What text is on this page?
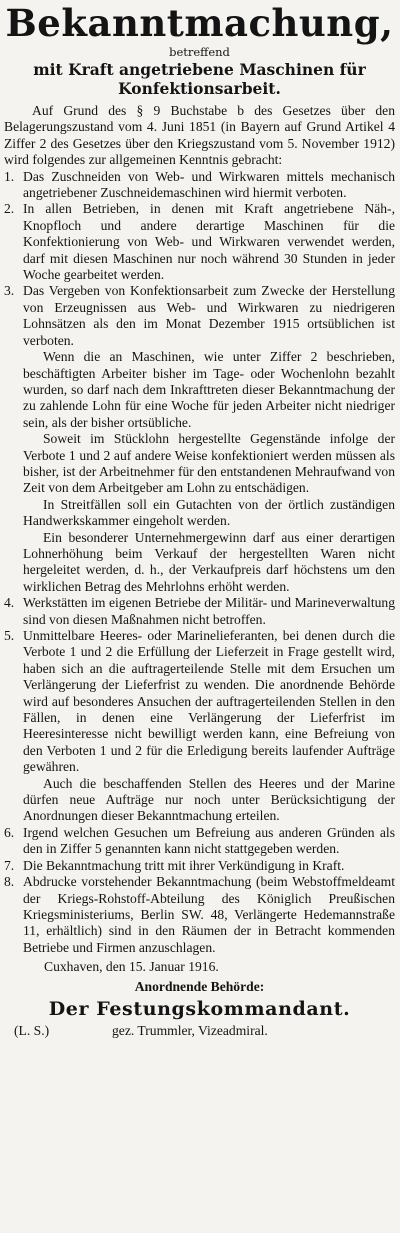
Bekanntmachung,
betreffend
mit Kraft angetriebene Maschinen für Konfektionsarbeit.

Auf Grund des § 9 Buchstabe b des Gesetzes über den Belagerungszustand vom 4. Juni 1851 (in Bayern auf Grund Artikel 4 Ziffer 2 des Gesetzes über den Kriegszustand vom 5. November 1912) wird folgendes zur allgemeinen Kenntnis gebracht:

1. Das Zuschneiden von Web- und Wirkwaren mittels mechanisch angetriebener Zuschneidemaschinen wird hiermit verboten.

2. In allen Betrieben, in denen mit Kraft angetriebene Näh-, Knopfloch und andere derartige Maschinen für die Konfektionierung von Web- und Wirkwaren verwendet werden, darf mit diesen Maschinen nur noch während 30 Stunden in jeder Woche gearbeitet werden.

3. Das Vergeben von Konfektionsarbeit zum Zwecke der Herstellung von Erzeugnissen aus Web- und Wirkwaren zu niedrigeren Lohnsätzen als den im Monat Dezember 1915 ortsüblichen ist verboten.

Wenn die an Maschinen, wie unter Ziffer 2 beschrieben, beschäftigten Arbeiter bisher im Tage- oder Wochenlohn bezahlt wurden, so darf nach dem Inkrafttreten dieser Bekanntmachung der zu zahlende Lohn für eine Woche für jeden Arbeiter nicht niedriger sein, als der bisher ortsübliche.

Soweit im Stücklohn hergestellte Gegenstände infolge der Verbote 1 und 2 auf andere Weise konfektioniert werden müssen als bisher, ist der Arbeitnehmer für den entstandenen Mehraufwand von Zeit von dem Arbeitgeber am Lohn zu entschädigen.

In Streitfällen soll ein Gutachten von der örtlich zuständigen Handwerkskammer eingeholt werden.

Ein besonderer Unternehmergewinn darf aus einer derartigen Lohnerhöhung beim Verkauf der hergestellten Waren nicht hergeleitet werden, d. h., der Verkaufpreis darf höchstens um den wirklichen Betrag des Mehrlohns erhöht werden.

4. Werkstätten im eigenen Betriebe der Militär- und Marineverwaltung sind von diesen Maßnahmen nicht betroffen.

5. Unmittelbare Heeres- oder Marinelieferanten, bei denen durch die Verbote 1 und 2 die Erfüllung der Lieferzeit in Frage gestellt wird, haben sich an die auftragerteilende Stelle mit dem Ersuchen um Verlängerung der Lieferfrist zu wenden. Die anordnende Behörde wird auf besonderes Ansuchen der auftragerteilenden Stellen in den Fällen, in denen eine Verlängerung der Lieferfrist im Heeresinteresse nicht bewilligt werden kann, eine Befreiung von den Verboten 1 und 2 für die Erledigung bereits laufender Aufträge gewähren.

Auch die beschaffenden Stellen des Heeres und der Marine dürfen neue Aufträge nur noch unter Berücksichtigung der Anordnungen dieser Bekanntmachung erteilen.

6. Irgend welchen Gesuchen um Befreiung aus anderen Gründen als den in Ziffer 5 genannten kann nicht stattgegeben werden.

7. Die Bekanntmachung tritt mit ihrer Verkündigung in Kraft.

8. Abdrucke vorstehender Bekanntmachung (beim Webstoffmeldeamt der Kriegs-Rohstoff-Abteilung des Königlich Preußischen Kriegsministeriums, Berlin SW. 48, Verlängerte Hedemannstraße 11, erhältlich) sind in den Räumen der in Betracht kommenden Betriebe und Firmen anzuschlagen.

Cuxhaven, den 15. Januar 1916.
Anordnende Behörde:
Der Festungskommandant.
(L. S.)	gez. Trummler, Vizeadmiral.
